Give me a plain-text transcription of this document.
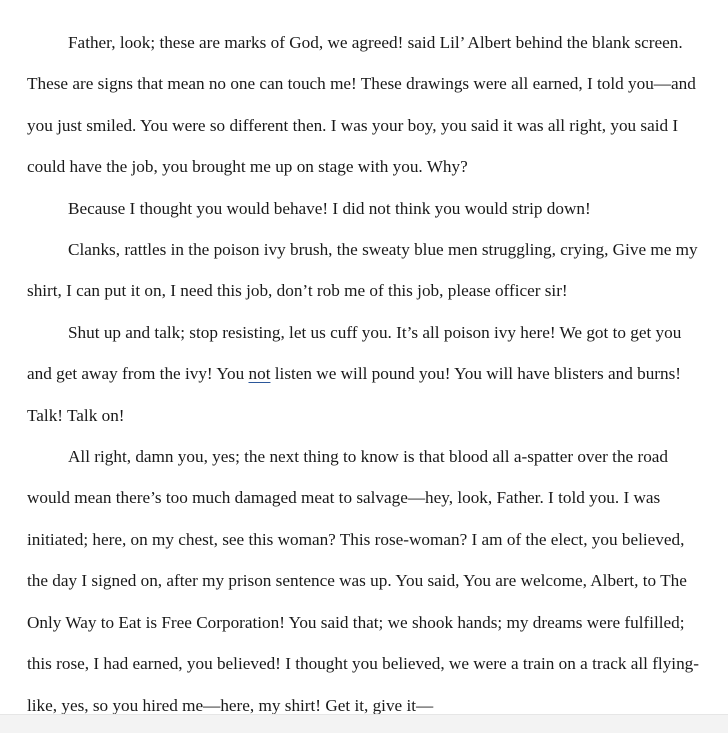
Father, look; these are marks of God, we agreed! said Lil’ Albert behind the blank screen. These are signs that mean no one can touch me! These drawings were all earned, I told you—and you just smiled. You were so different then. I was your boy, you said it was all right, you said I could have the job, you brought me up on stage with you. Why?

Because I thought you would behave! I did not think you would strip down!

Clanks, rattles in the poison ivy brush, the sweaty blue men struggling, crying, Give me my shirt, I can put it on, I need this job, don’t rob me of this job, please officer sir!

Shut up and talk; stop resisting, let us cuff you. It’s all poison ivy here! We got to get you and get away from the ivy! You not listen we will pound you! You will have blisters and burns! Talk! Talk on!

All right, damn you, yes; the next thing to know is that blood all a-spatter over the road would mean there’s too much damaged meat to salvage—hey, look, Father. I told you. I was initiated; here, on my chest, see this woman? This rose-woman? I am of the elect, you believed, the day I signed on, after my prison sentence was up. You said, You are welcome, Albert, to The Only Way to Eat is Free Corporation! You said that; we shook hands; my dreams were fulfilled; this rose, I had earned, you believed! I thought you believed, we were a train on a track all flying-like, yes, so you hired me—here, my shirt! Get it, give it—
